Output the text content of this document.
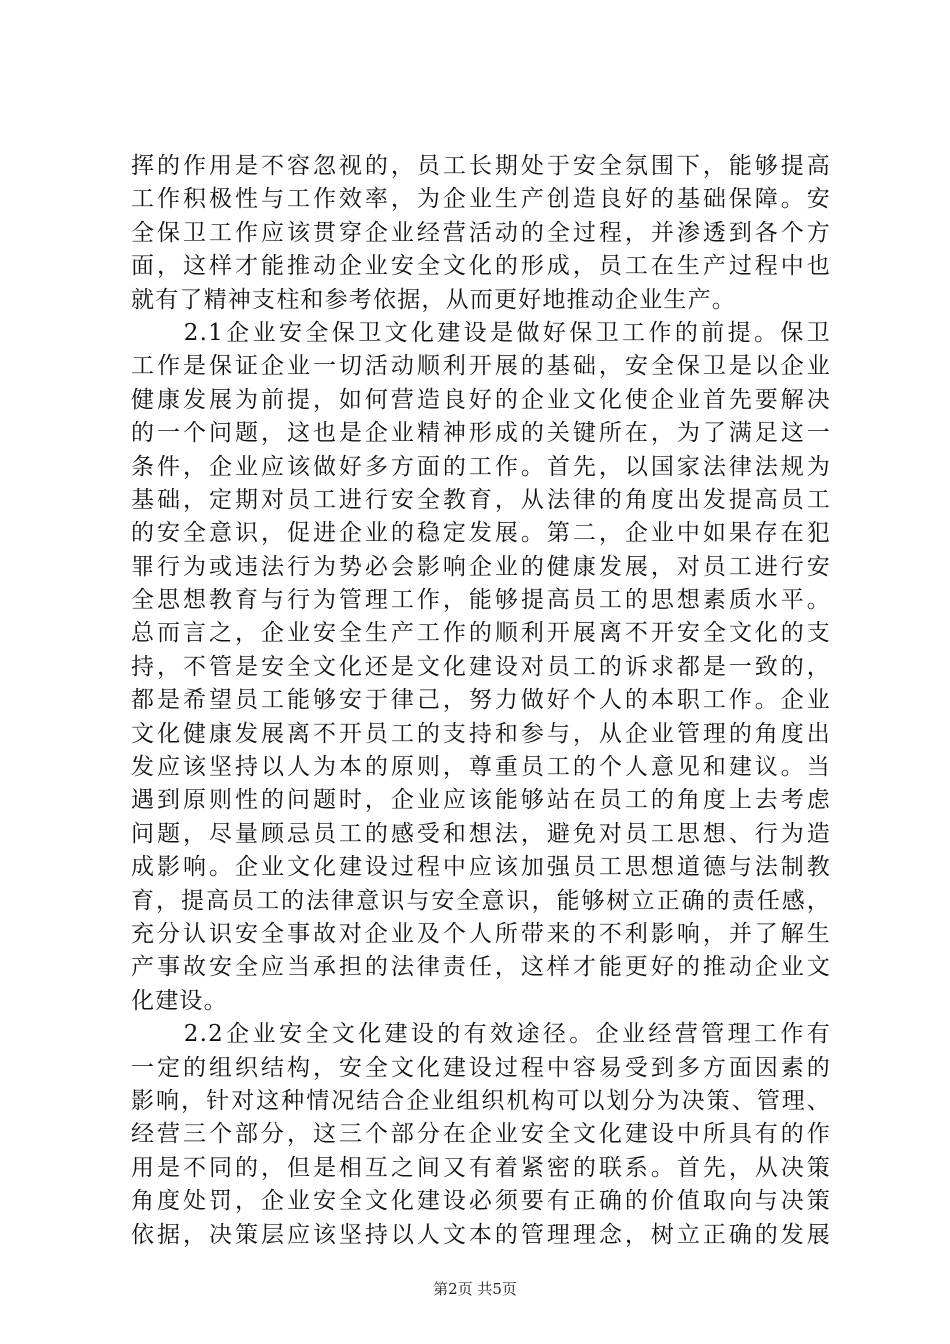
挥的作用是不容忽视的，员工长期处于安全氛围下，能够提高
工作积极性与工作效率，为企业生产创造良好的基础保障。安
全保卫工作应该贯穿企业经营活动的全过程，并渗透到各个方
面，这样才能推动企业安全文化的形成，员工在生产过程中也
就有了精神支柱和参考依据，从而更好地推动企业生产。
　　2.1企业安全保卫文化建设是做好保卫工作的前提。保卫
工作是保证企业一切活动顺利开展的基础，安全保卫是以企业
健康发展为前提，如何营造良好的企业文化使企业首先要解决
的一个问题，这也是企业精神形成的关键所在，为了满足这一
条件，企业应该做好多方面的工作。首先，以国家法律法规为
基础，定期对员工进行安全教育，从法律的角度出发提高员工
的安全意识，促进企业的稳定发展。第二，企业中如果存在犯
罪行为或违法行为势必会影响企业的健康发展，对员工进行安
全思想教育与行为管理工作，能够提高员工的思想素质水平。
总而言之，企业安全生产工作的顺利开展离不开安全文化的支
持，不管是安全文化还是文化建设对员工的诉求都是一致的，
都是希望员工能够安于律己，努力做好个人的本职工作。企业
文化健康发展离不开员工的支持和参与，从企业管理的角度出
发应该坚持以人为本的原则，尊重员工的个人意见和建议。当
遇到原则性的问题时，企业应该能够站在员工的角度上去考虑
问题，尽量顾忌员工的感受和想法，避免对员工思想、行为造
成影响。企业文化建设过程中应该加强员工思想道德与法制教
育，提高员工的法律意识与安全意识，能够树立正确的责任感，
充分认识安全事故对企业及个人所带来的不利影响，并了解生
产事故安全应当承担的法律责任，这样才能更好的推动企业文
化建设。
　　2.2企业安全文化建设的有效途径。企业经营管理工作有
一定的组织结构，安全文化建设过程中容易受到多方面因素的
影响，针对这种情况结合企业组织机构可以划分为决策、管理、
经营三个部分，这三个部分在企业安全文化建设中所具有的作
用是不同的，但是相互之间又有着紧密的联系。首先，从决策
角度处罚，企业安全文化建设必须要有正确的价值取向与决策
依据，决策层应该坚持以人文本的管理理念，树立正确的发展
第2页 共5页
